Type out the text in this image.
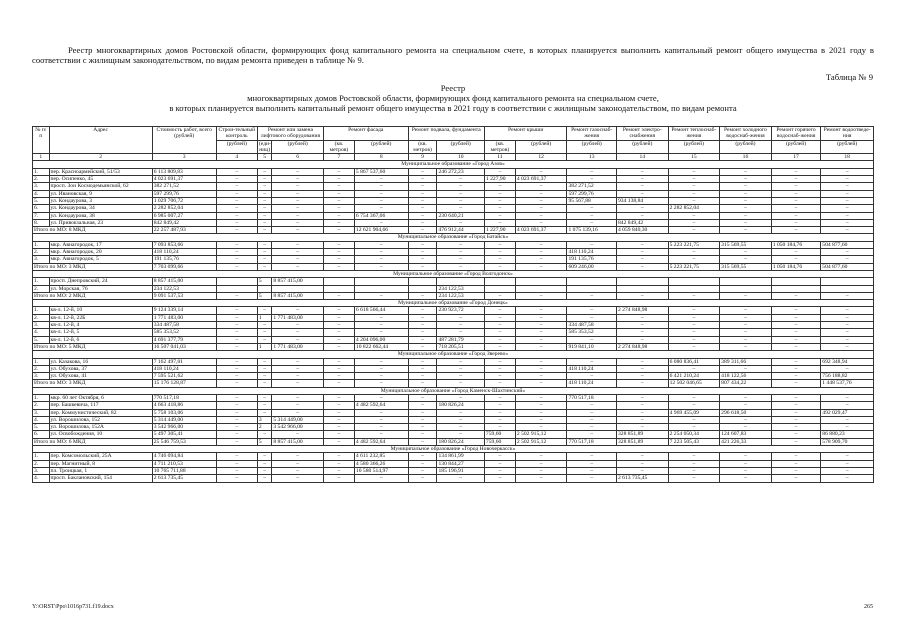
Реестр многоквартирных домов Ростовской области, формирующих фонд капитального ремонта на специальном счете, в которых планируется выполнить капитальный ремонт общего имущества в 2021 году в соответствии с жилищным законодательством, по видам ремонта приведен в таблице № 9.
Таблица № 9
Реестр
многоквартирных домов Ростовской области, формирующих фонд капитального ремонта на специальном счете,
в которых планируется выполнить капитальный ремонт общего имущества в 2021 году в соответствии с жилищным законодательством, по видам ремонта
№ п/п	Адрес	Стоимость работ, всего (рублей)	Строи-тельный контроль	Ремонт или замена лифтового оборудования		Ремонт фасада		Ремонт подвала, фундамента		Ремонт крыши		Ремонт газоснаб-жения	Ремонт электро-снабжения	Ремонт теплоснаб-жения	Ремонт холодного водоснаб-жения	Ремонт горячего водоснаб-жения	Ремонт водоотведе-ния
			(рублей)	(еди-ниц)	(рублей)	(кв. метров)	(рублей)	(кв. метров)	(рублей)	(кв. метров)	(рублей)	(рублей)	(рублей)	(рублей)	(рублей)	(рублей)	(рублей)
1	2	3	4	5	6	7	8	9	10	11	12	13	14	15	16	17	18
Муниципальное образование «Город Азов»																	
1.	пер. Красноармейский, 51/53	6 113 809,83	–	–	–	–	5 867 537,60	–	246 272,23	–	–	–	–	–	–	–	–
2.	пер. Осипенко, 45	4 023 691,37	–	–	–	–	–	–	–	1 227,90	4 023 691,37	–	–	–	–	–	–
3.	просп. Зои Космодемьянской, 62	382 271,52	–	–	–	–	–	–	–	–	–	382 271,52	–	–	–	–	–
4.	ул. Ивановская, 9	597 299,76	–	–	–	–	–	–	–	–	–	597 299,76	–	–	–	–	–
5.	ул. Кондаурова, 3	1 029 706,72	–	–	–	–	–	–	–	–	–	95 567,88	934 138,84	–	–	–	–
6.	ул. Кондаурова, 34	2 282 852,04	–	–	–	–	–	–	–	–	–	–	–	2 282 852,04	–	–	–
7.	ул. Кондаурова, 38	6 985 007,27	–	–	–	–	6 754 367,06	–	230 640,21	–	–	–	–	–	–	–	–
8.	ул. Привокзальная, 23	842 849,42	–	–	–	–	–	–	–	–	–	–	842 849,42	–	–	–	–
Итого по МО: 8 МКД		22 257 487,93	–	–	–	–	12 621 904,66	–	476 912,44	1 227,90	4 023 691,37	1 075 139,16	4 059 840,30	–	–	–	–
Муниципальное образование «Город Батайск»																	
1.	мкр. Авиагородок, 17	7 093 853,66	–	–	–	–	–	–	–	–	–	–	–	5 223 221,75	315 569,55	1 050 184,76	504 877,60
2.	мкр. Авиагородок, 20	418 110,24	–	–	–	–	–	–	–	–	–	418 110,24	–	–	–	–	–
3.	мкр. Авиагородок, 5	191 135,76	–	–	–	–	–	–	–	–	–	191 135,76	–	–	–	–	–
Итого по МО: 3 МКД		7 703 099,66	–	–	–	–	–	–	–	–	–	609 246,00	–	5 223 221,75	315 569,55	1 050 184,76	504 877,60
Муниципальное образование «Город Волгодонск»																	
1.	просп. Днепровский, 24	8 857 415,00		5	8 857 415,00												
2.	ул. Морская, 76	234 122,53							234 122,53								
Итого по МО: 2 МКД		9 091 537,53	–	5	8 857 415,00	–	–	–	234 122,53	–	–	–	–	–	–	–	–
Муниципальное образование «Город Донецк»																	
1.	кв-л. 12-й, 10	9 124 339,14	–	–	–	–	6 618 566,44	–	230 923,72	–	–	–	2 274 848,98	–	–	–	–
2.	кв-л. 12-й, 22Б	1 771 483,00	–	1	1 771 483,00	–	–	–	–	–	–	–	–	–	–	–	–
3.	кв-л. 12-й, 4	334 487,58	–	–	–	–	–	–	–	–	–	334 487,58	–	–	–	–	–
4.	кв-л. 12-й, 5	585 353,52	–	–	–	–	–	–	–	–	–	585 353,52	–	–	–	–	–
5.	кв-л. 12-й, 6	4 691 377,79	–	–	–	–	4 204 096,00	–	487 281,79	–	–	–	–	–	–	–	–
Итого по МО: 5 МКД		16 507 041,03	–	1	1 771 483,00	–	10 822 662,44	–	718 205,51	–	–	919 841,10	2 274 848,98	–	–	–	–
Муниципальное образование «Город Зверево»																	
1.	ул. Казакова, 16	7 162 497,01	–	–	–	–	–	–	–	–	–	–	–	6 080 836,41	389 311,66	–	692 348,94
2.	ул. Обухова, 37	418 110,24	–	–	–	–	–	–	–	–	–	418 110,24	–	–	–	–	–
3.	ул. Обухова, 41	7 595 521,62	–	–	–	–	–	–	–	–	–	–	–	6 421 210,24	418 122,56	–	756 188,82
Итого по МО: 3 МКД		15 176 128,87	–	–	–	–	–	–	–	–	–	418 110,24	–	12 502 046,65	807 434,22	–	1 448 537,76
Муниципальное образование «Город Каменск-Шахтинский»																	
1.	мкр. 60 лет Октября, 6	770 517,18	–	–	–	–	–	–	–	–	–	770 517,18	–	–	–	–	–
2.	пер. Башкевича, 117	4 663 418,86	–	–	–	–	4 482 592,64	–	180 826,24	–	–	–	–	–	–	–	–
3.	пер. Коммунистический, 82	5 758 103,06	–	–	–	–	–	–	–	–	–	–	–	4 969 455,09	296 618,50	–	492 029,47
4.	ул. Ворошилова, 152	5 314 449,00	–	3	5 314 449,00	–	–	–	–	–	–	–	–	–	–	–	–
5.	ул. Ворошилова, 152А	3 542 966,00	–	2	3 542 966,00	–	–	–	–	–	–	–	–	–	–	–	–
6.	ул. Освобождения, 10	5 497 305,41	–	–	–	–	–	–	–	759,60	2 502 915,12	–	328 851,89	2 254 050,34	124 607,83	–	86 880,23
Итого по МО: 6 МКД		25 546 759,53	–	5	8 857 415,00	–	4 482 592,64	–	180 826,24	759,60	2 502 915,12	770 517,18	328 851,89	7 223 505,43	421 226,33	–	578 909,70
Муниципальное образование «Город Новочеркасск»																	
1.	пер. Комсомольский, 25А	4 746 094,84	–	–	–	–	4 611 232,85	–	134 861,99	–	–	–	–	–	–	–	–
2.	пер. Магнитный, 8	4 711 210,53	–	–	–	–	4 580 366,26	–	130 844,27	–	–	–	–	–	–	–	–
3.	пл. Троицкая, 1	10 765 711,88	–	–	–	–	10 580 514,97	–	185 196,91	–	–	–	–	–	–	–	–
4.	просп. Баклановский, 154	2 613 735,45	–	–	–	–	–	–	–	–	–	–	2 613 735,45	–	–	–	–
Y:\ORST\Ppo\1016p731.f19.docx	265
